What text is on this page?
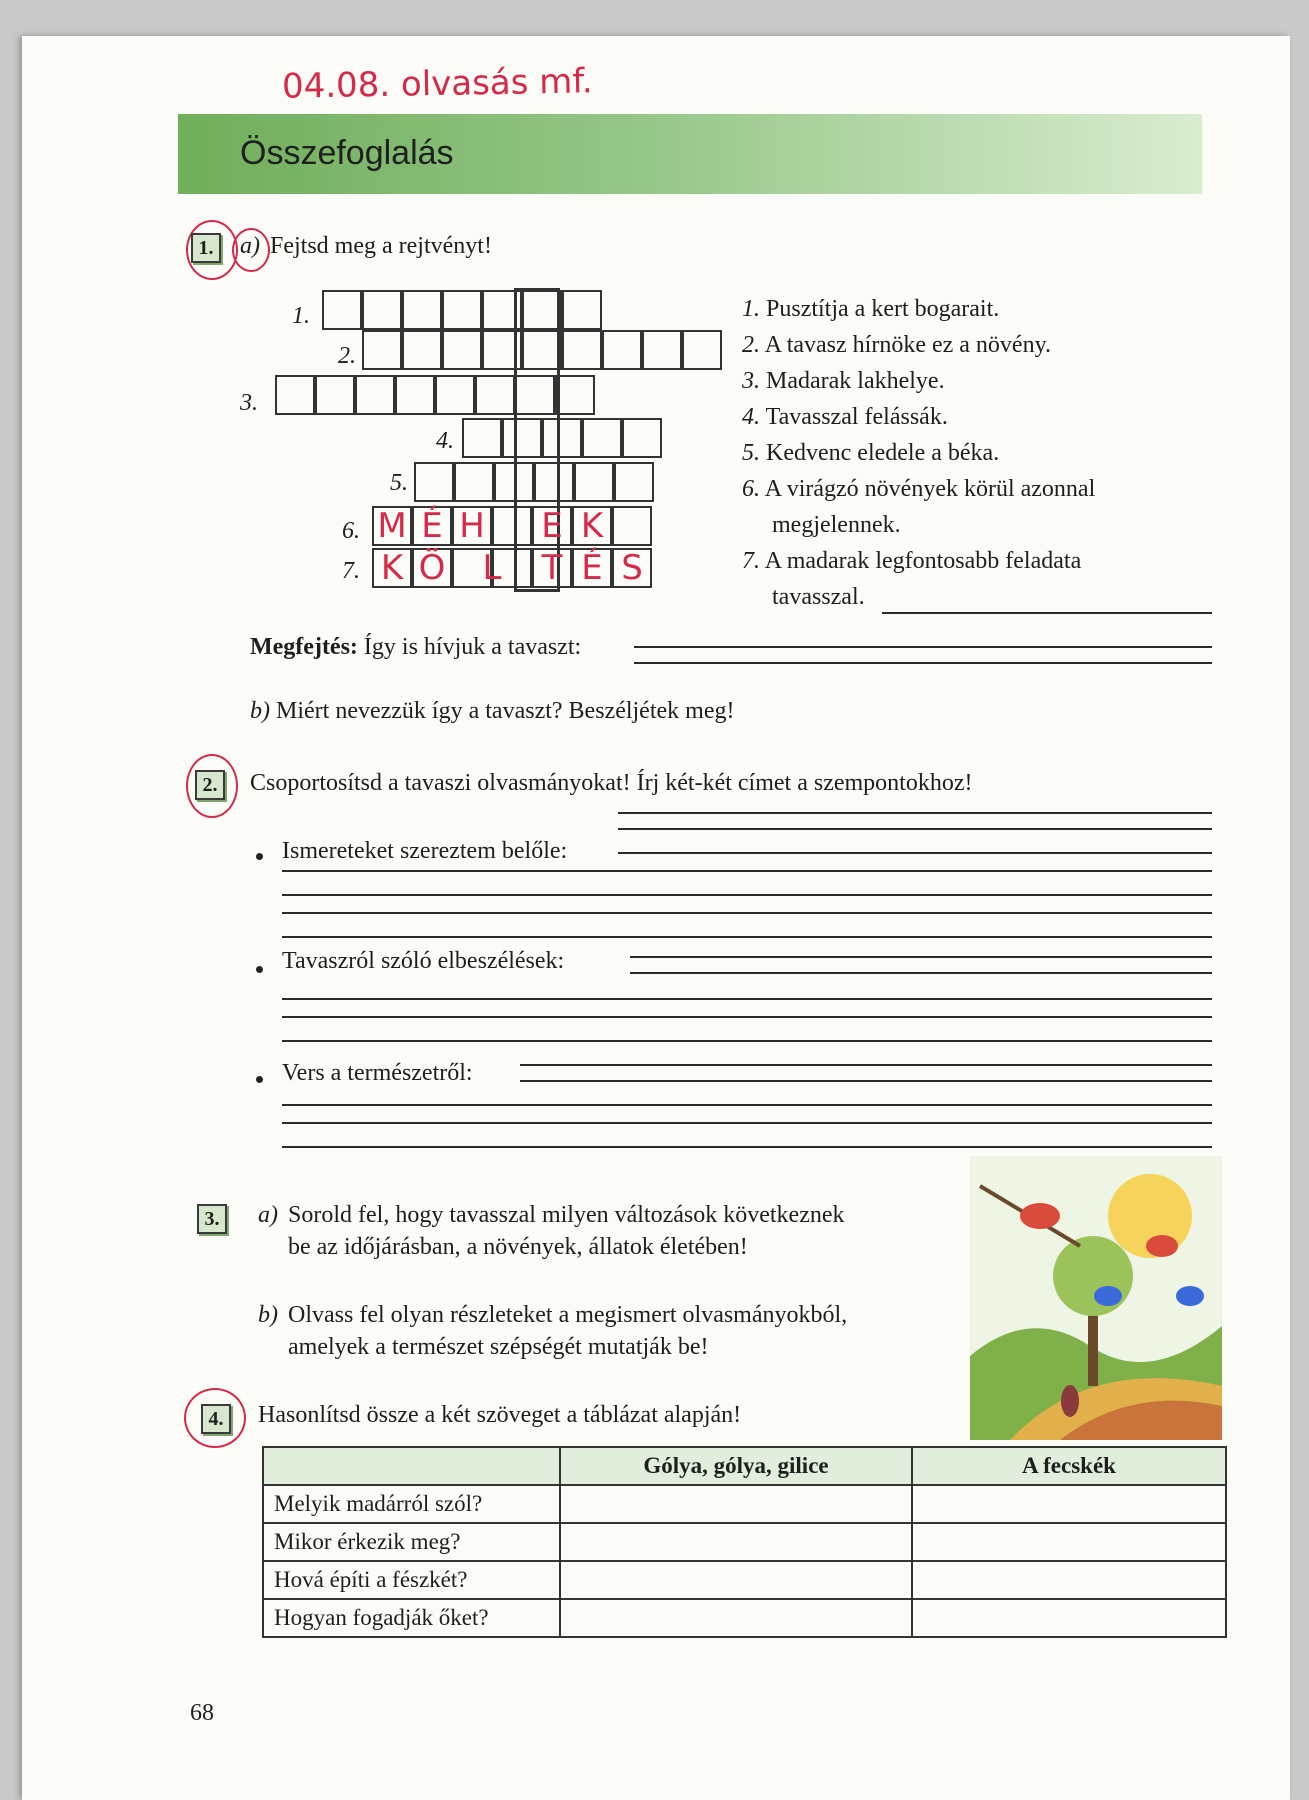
04.08. olvasás mf.
Összefoglalás
1.	a) Fejtsd meg a rejtvényt!
1.
2.
3.
4.
5.
6.
7.
M É H E K
K Ö	L	T É S
1. Pusztítja a kert bogarait.
2. A tavasz hírnöke ez a növény.
3. Madarak lakhelye.
4. Tavasszal felássák.
5. Kedvenc eledele a béka.
6. A virágzó növények körül azonnal
megjelennek.
7. A madarak legfontosabb feladata
tavasszal.
Megfejtés: Így is hívjuk a tavaszt:
b) Miért nevezzük így a tavaszt? Beszéljétek meg!
2.	Csoportosítsd a tavaszi olvasmányokat! Írj két-két címet a szempontokhoz!
Ismereteket szereztem belőle:
Tavaszról szóló elbeszélések:
Vers a természetről:
3.	a) Sorold fel, hogy tavasszal milyen változások következnek
be az időjárásban, a növények, állatok életében!
b) Olvass fel olyan részleteket a megismert olvasmányokból,
amelyek a természet szépségét mutatják be!
4.	Hasonlítsd össze a két szöveget a táblázat alapján!
	Gólya, gólya, gilice	A fecskék
Melyik madárról szól?		
Mikor érkezik meg?		
Hová építi a fészkét?		
Hogyan fogadják őket?		
68
